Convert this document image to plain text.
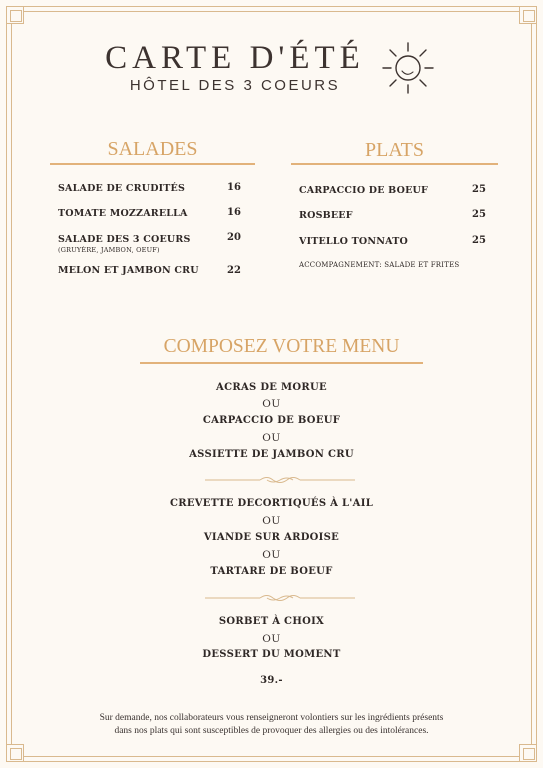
CARTE D'ÉTÉ
HÔTEL DES 3 COEURS
SALADES
SALADE DE CRUDITÉS	16
TOMATE MOZZARELLA	16
SALADE DES 3 COEURS	20
(GRUYÈRE, JAMBON, OEUF)
MELON ET JAMBON CRU	22
PLATS
CARPACCIO DE BOEUF	25
ROSBEEF	25
VITELLO TONNATO	25
ACCOMPAGNEMENT: SALADE ET FRITES
COMPOSEZ VOTRE MENU
ACRAS DE MORUE
OU
CARPACCIO DE BOEUF
OU
ASSIETTE DE JAMBON CRU
CREVETTE DECORTIQUÉS À L'AIL
OU
VIANDE SUR ARDOISE
OU
TARTARE DE BOEUF
SORBET À CHOIX
OU
DESSERT DU MOMENT
39.-
Sur demande, nos collaborateurs vous renseigneront volontiers sur les ingrédients présents
dans nos plats qui sont susceptibles de provoquer des allergies ou des intolérances.
